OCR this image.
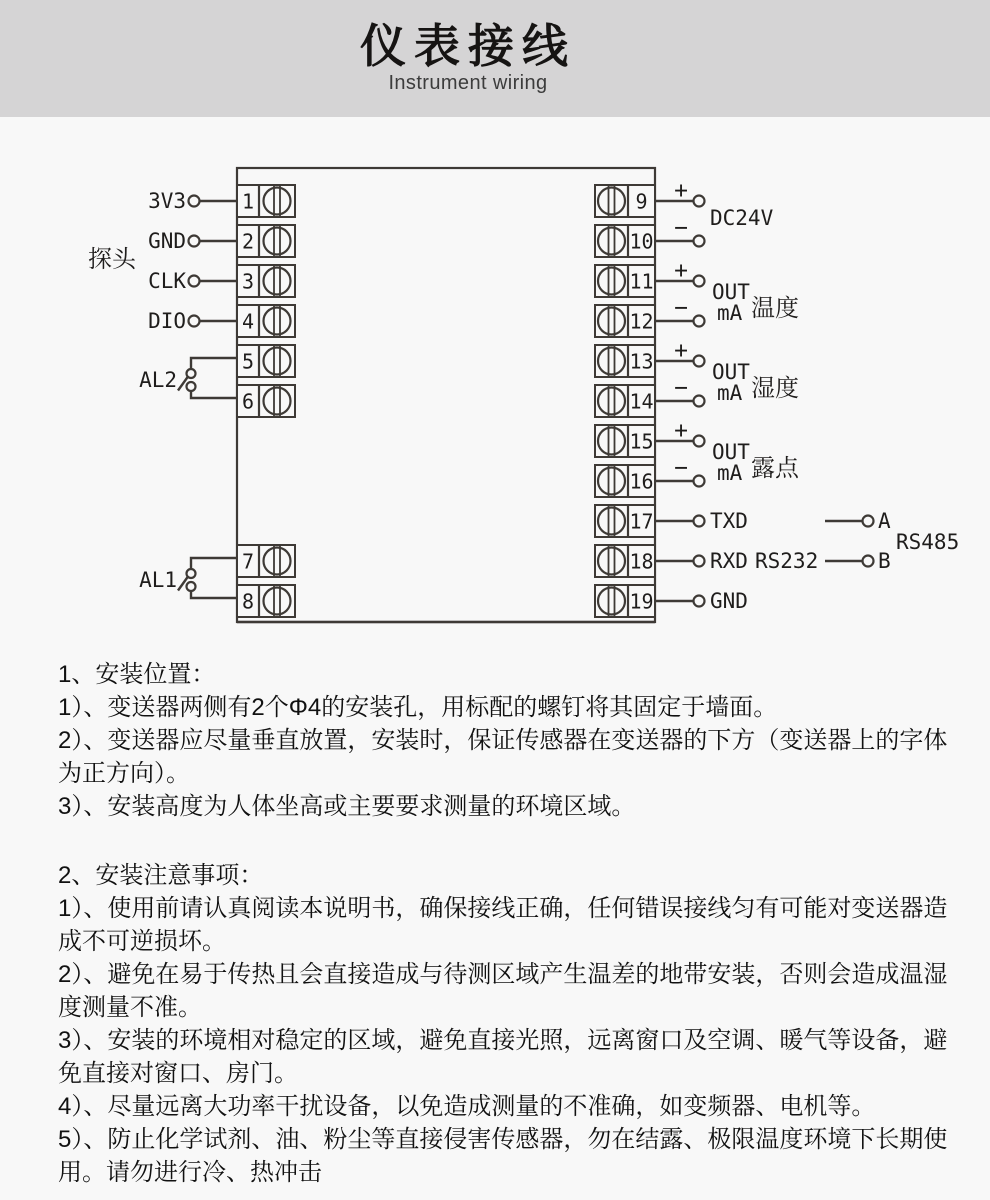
仪表接线
Instrument wiring
探头
3V3
GND
CLK
DIO
AL2
AL1
1
2
3
4
5
6
7
8
9
10
11
12
13
14
15
16
17
18
19
+
− DC24V
+
−
OUT
mA 温度
+
−
OUT
mA 湿度
+
−
OUT
mA 露点
TXD
RXD RS232
GND
A
B
RS485
1、安装位置：
1）、变送器两侧有2个Φ4的安装孔，用标配的螺钉将其固定于墙面。
2）、变送器应尽量垂直放置，安装时，保证传感器在变送器的下方（变送器上的字体
为正方向）。
3）、安装高度为人体坐高或主要要求测量的环境区域。
2、安装注意事项：
1）、使用前请认真阅读本说明书，确保接线正确，任何错误接线匀有可能对变送器造
成不可逆损坏。
2）、避免在易于传热且会直接造成与待测区域产生温差的地带安装，否则会造成温湿
度测量不准。
3）、安装的环境相对稳定的区域，避免直接光照，远离窗口及空调、暖气等设备，避
免直接对窗口、房门。
4）、尽量远离大功率干扰设备，以免造成测量的不准确，如变频器、电机等。
5）、防止化学试剂、油、粉尘等直接侵害传感器，勿在结露、极限温度环境下长期使
用。请勿进行冷、热冲击
